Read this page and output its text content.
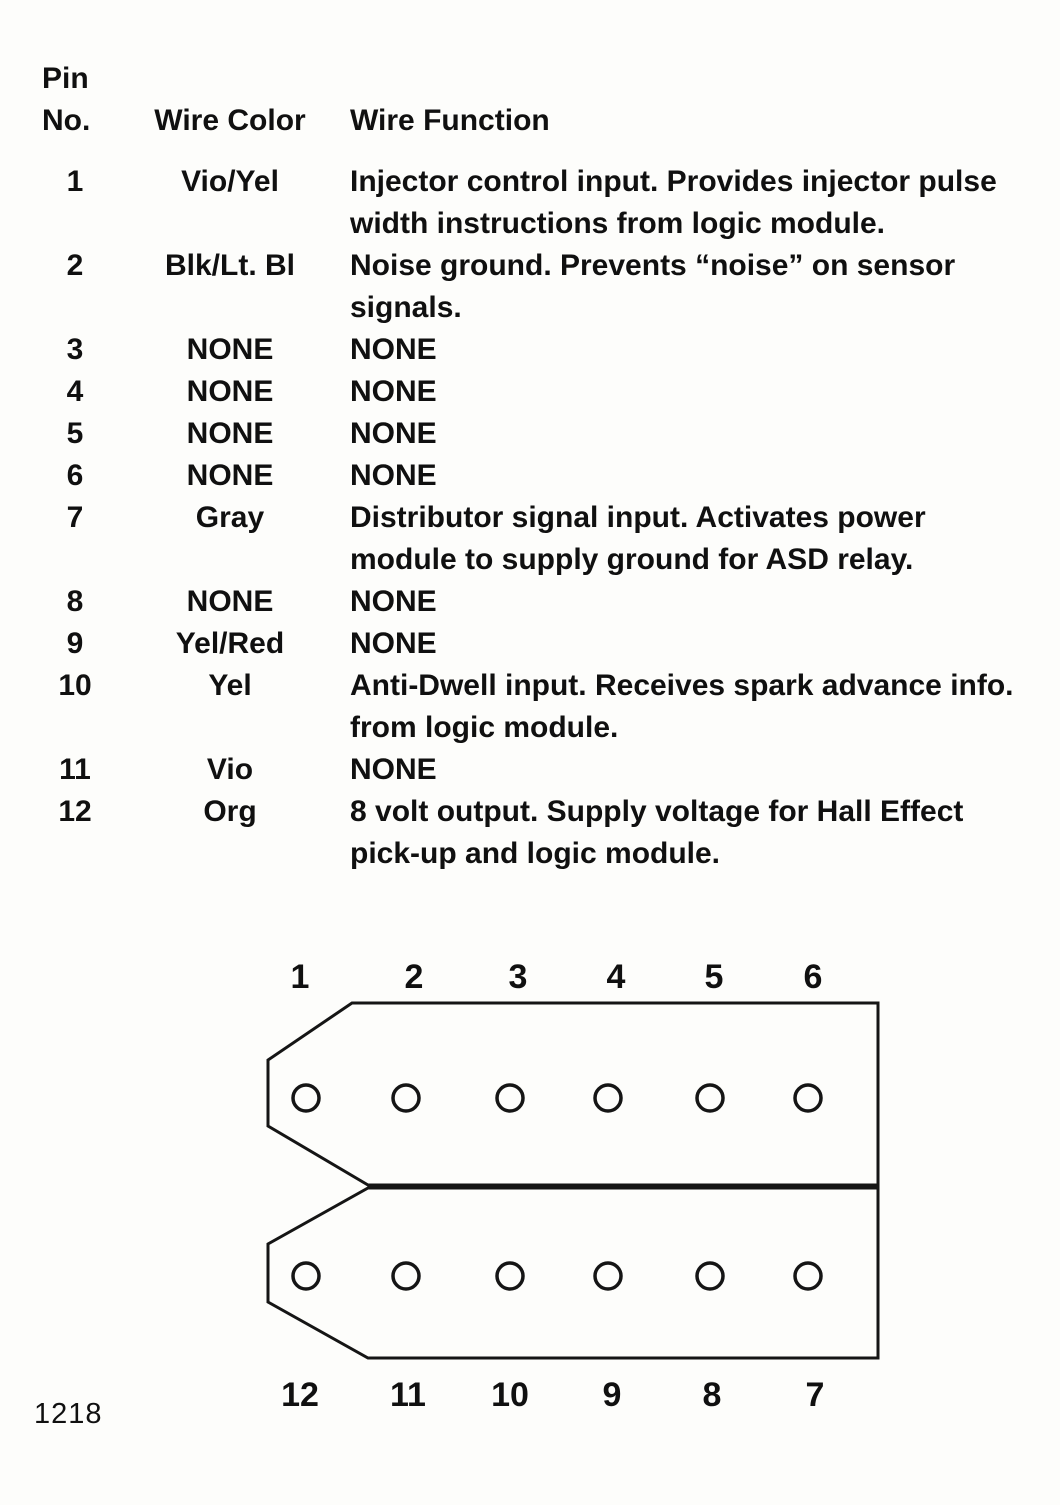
Pin
No.	Wire Color	Wire Function
1	Vio/Yel	Injector control input. Provides injector pulse width instructions from logic module.
2	Blk/Lt. Bl	Noise ground. Prevents “noise” on sensor signals.
3	NONE	NONE
4	NONE	NONE
5	NONE	NONE
6	NONE	NONE
7	Gray	Distributor signal input. Activates power module to supply ground for ASD relay.
8	NONE	NONE
9	Yel/Red	NONE
10	Yel	Anti-Dwell input. Receives spark advance info. from logic module.
11	Vio	NONE
12	Org	8 volt output. Supply voltage for Hall Effect pick-up and logic module.
1	2	3 4 5 6
12 11 10 9 8 7
1218
